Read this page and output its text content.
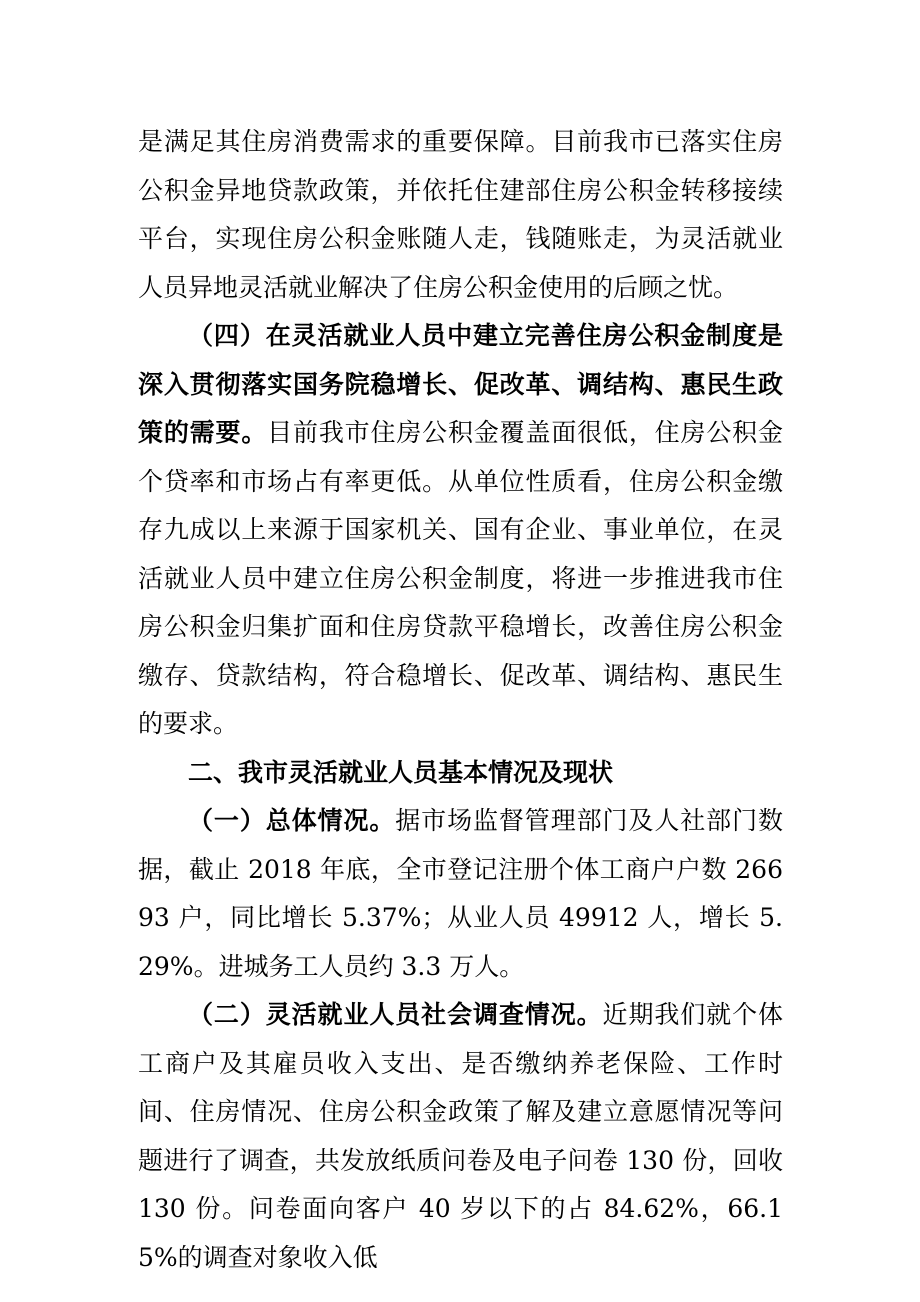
是满足其住房消费需求的重要保障。目前我市已落实住房公积金异地贷款政策，并依托住建部住房公积金转移接续平台，实现住房公积金账随人走，钱随账走，为灵活就业人员异地灵活就业解决了住房公积金使用的后顾之忧。

（四）在灵活就业人员中建立完善住房公积金制度是深入贯彻落实国务院稳增长、促改革、调结构、惠民生政策的需要。目前我市住房公积金覆盖面很低，住房公积金个贷率和市场占有率更低。从单位性质看，住房公积金缴存九成以上来源于国家机关、国有企业、事业单位，在灵活就业人员中建立住房公积金制度，将进一步推进我市住房公积金归集扩面和住房贷款平稳增长，改善住房公积金缴存、贷款结构，符合稳增长、促改革、调结构、惠民生的要求。

二、我市灵活就业人员基本情况及现状

（一）总体情况。据市场监督管理部门及人社部门数据，截止 2018 年底，全市登记注册个体工商户户数 26693 户，同比增长 5.37%；从业人员 49912 人，增长 5.29%。进城务工人员约 3.3 万人。

（二）灵活就业人员社会调查情况。近期我们就个体工商户及其雇员收入支出、是否缴纳养老保险、工作时间、住房情况、住房公积金政策了解及建立意愿情况等问题进行了调查，共发放纸质问卷及电子问卷 130 份，回收 130 份。问卷面向客户 40 岁以下的占 84.62%，66.15%的调查对象收入低
